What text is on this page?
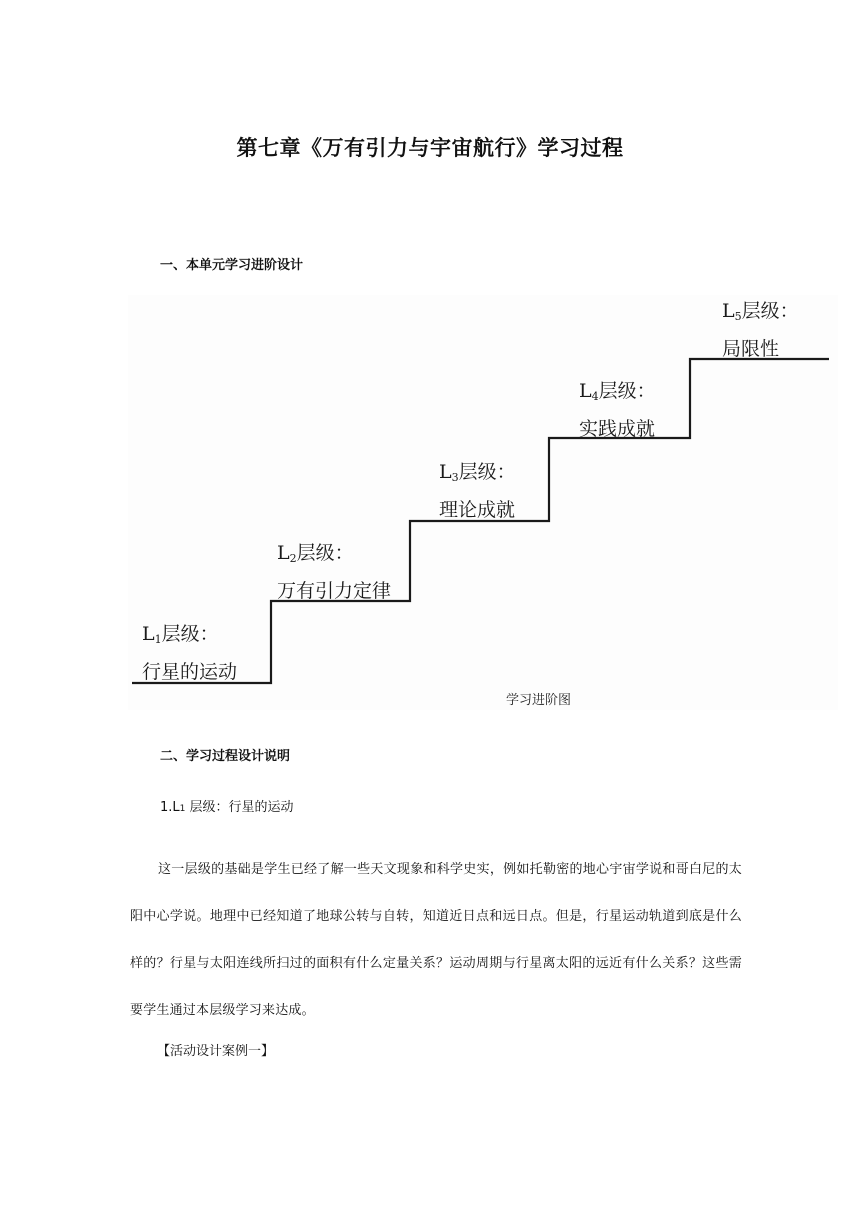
第七章《万有引力与宇宙航行》学习过程
一、本单元学习进阶设计
$L_1$层级：
行星的运动
$L_2$层级：
万有引力定律
$L_3$层级：
理论成就
$L_4$层级：
实践成就
$L_5$层级：
局限性
学习进阶图
二、学习过程设计说明
1.L1 层级：行星的运动
这一层级的基础是学生已经了解一些天文现象和科学史实，例如托勒密的地心宇宙学说和哥白尼的太阳中心学说。地理中已经知道了地球公转与自转，知道近日点和远日点。但是，行星运动轨道到底是什么样的？行星与太阳连线所扫过的面积有什么定量关系？运动周期与行星离太阳的远近有什么关系？这些需要学生通过本层级学习来达成。
【活动设计案例一】
